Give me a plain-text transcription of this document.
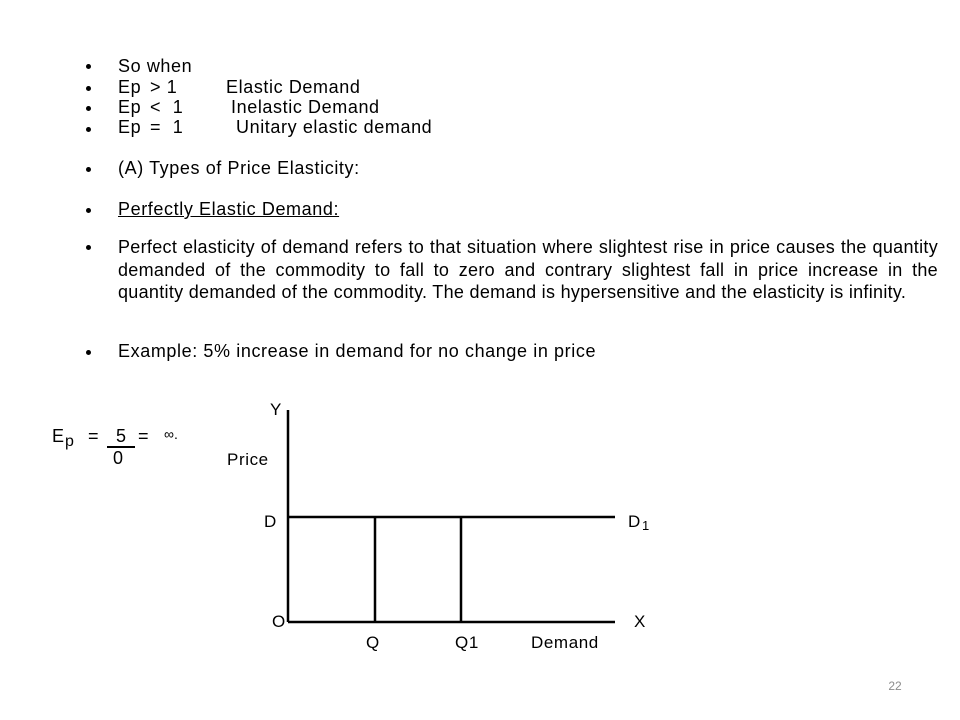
So when
Ep > 1	Elastic Demand
Ep < 1	Inelastic Demand
Ep = 1	Unitary elastic demand
(A) Types of Price Elasticity:
Perfectly Elastic Demand:
Perfect elasticity of demand refers to that situation where slightest rise in price causes the quantity demanded of the commodity to fall to zero and contrary slightest fall in price increase in the quantity demanded of the commodity. The demand is hypersensitive and the elasticity is infinity.
Example: 5% increase in demand for no change in price
E p = 5
0
= ∞.
Y
Price
D	D 1
O	X
Q	Q1	Demand
22
